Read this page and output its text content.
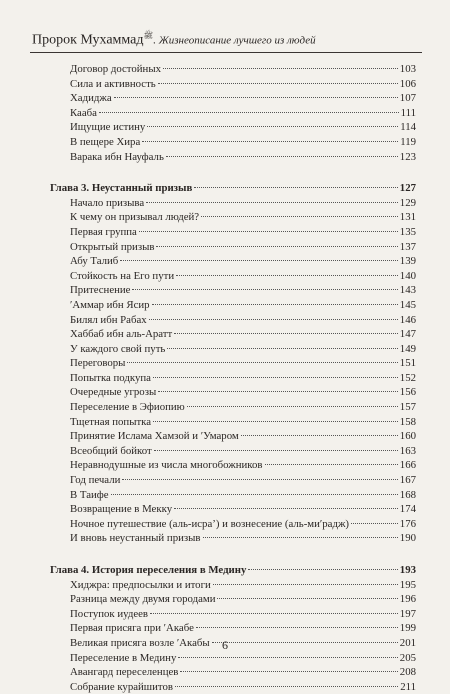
Пророк Мухаммад$^ﷺ$. Жизнеописание лучшего из людей
Договор достойных	103
Сила и активность	106
Хадиджа	107
Кааба	111
Ищущие истину	114
В пещере Хира	119
Варака ибн Науфаль	123
Глава 3. Неустанный призыв	127
Начало призыва	129
К чему он призывал людей?	131
Первая группа	135
Открытый призыв	137
Абу Талиб	139
Стойкость на Его пути	140
Притеснение	143
ʹАммар ибн Ясир	145
Билял ибн Рабах	146
Хаббаб ибн аль-Аратт	147
У каждого свой путь	149
Переговоры	151
Попытка подкупа	152
Очередные угрозы	156
Переселение в Эфиопию	157
Тщетная попытка	158
Принятие Ислама Хамзой и ʹУмаром	160
Всеобщий бойкот	163
Неравнодушные из числа многобожников	166
Год печали	167
В Таифе	168
Возвращение в Мекку	174
Ночное путешествие (аль-исра’) и вознесение (аль-миʹрадж)	176
И вновь неустанный призыв	190
Глава 4. История переселения в Медину	193
Хиджра: предпосылки и итоги	195
Разница между двумя городами	196
Поступок иудеев	197
Первая присяга при ʹАкабе	199
Великая присяга возле ʹАкабы	201
Переселение в Медину	205
Авангард переселенцев	208
Собрание курайшитов	211
6
